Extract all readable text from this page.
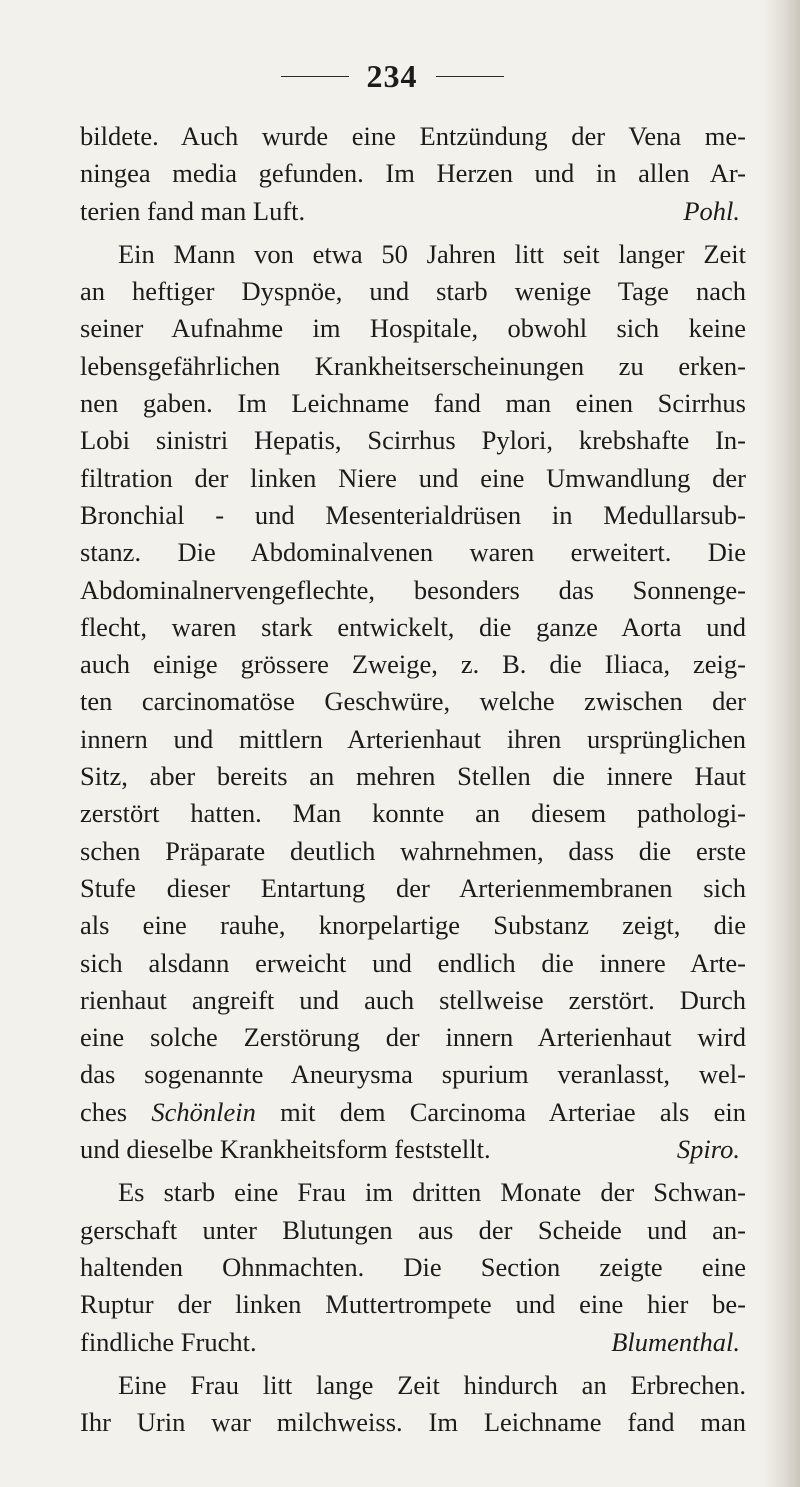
234
bildete. Auch wurde eine Entzündung der Vena me-
ningea media gefunden. Im Herzen und in allen Ar-
terien fand man Luft.	Pohl.
Ein Mann von etwa 50 Jahren litt seit langer Zeit
an heftiger Dyspnöe, und starb wenige Tage nach
seiner Aufnahme im Hospitale, obwohl sich keine
lebensgefährlichen Krankheitserscheinungen zu erken-
nen gaben. Im Leichname fand man einen Scirrhus
Lobi sinistri Hepatis, Scirrhus Pylori, krebshafte In-
filtration der linken Niere und eine Umwandlung der
Bronchial - und Mesenterialdrüsen in Medullarsub-
stanz. Die Abdominalvenen waren erweitert. Die
Abdominalnervengeflechte, besonders das Sonnenge-
flecht, waren stark entwickelt, die ganze Aorta und
auch einige grössere Zweige, z. B. die Iliaca, zeig-
ten carcinomatöse Geschwüre, welche zwischen der
innern und mittlern Arterienhaut ihren ursprünglichen
Sitz, aber bereits an mehren Stellen die innere Haut
zerstört hatten. Man konnte an diesem pathologi-
schen Präparate deutlich wahrnehmen, dass die erste
Stufe dieser Entartung der Arterienmembranen sich
als eine rauhe, knorpelartige Substanz zeigt, die
sich alsdann erweicht und endlich die innere Arte-
rienhaut angreift und auch stellweise zerstört. Durch
eine solche Zerstörung der innern Arterienhaut wird
das sogenannte Aneurysma spurium veranlasst, wel-
ches Schönlein mit dem Carcinoma Arteriae als ein
und dieselbe Krankheitsform feststellt.	Spiro.
Es starb eine Frau im dritten Monate der Schwan-
gerschaft unter Blutungen aus der Scheide und an-
haltenden Ohnmachten. Die Section zeigte eine
Ruptur der linken Muttertrompete und eine hier be-
findliche Frucht.	Blumenthal.
Eine Frau litt lange Zeit hindurch an Erbrechen.
Ihr Urin war milchweiss. Im Leichname fand man
